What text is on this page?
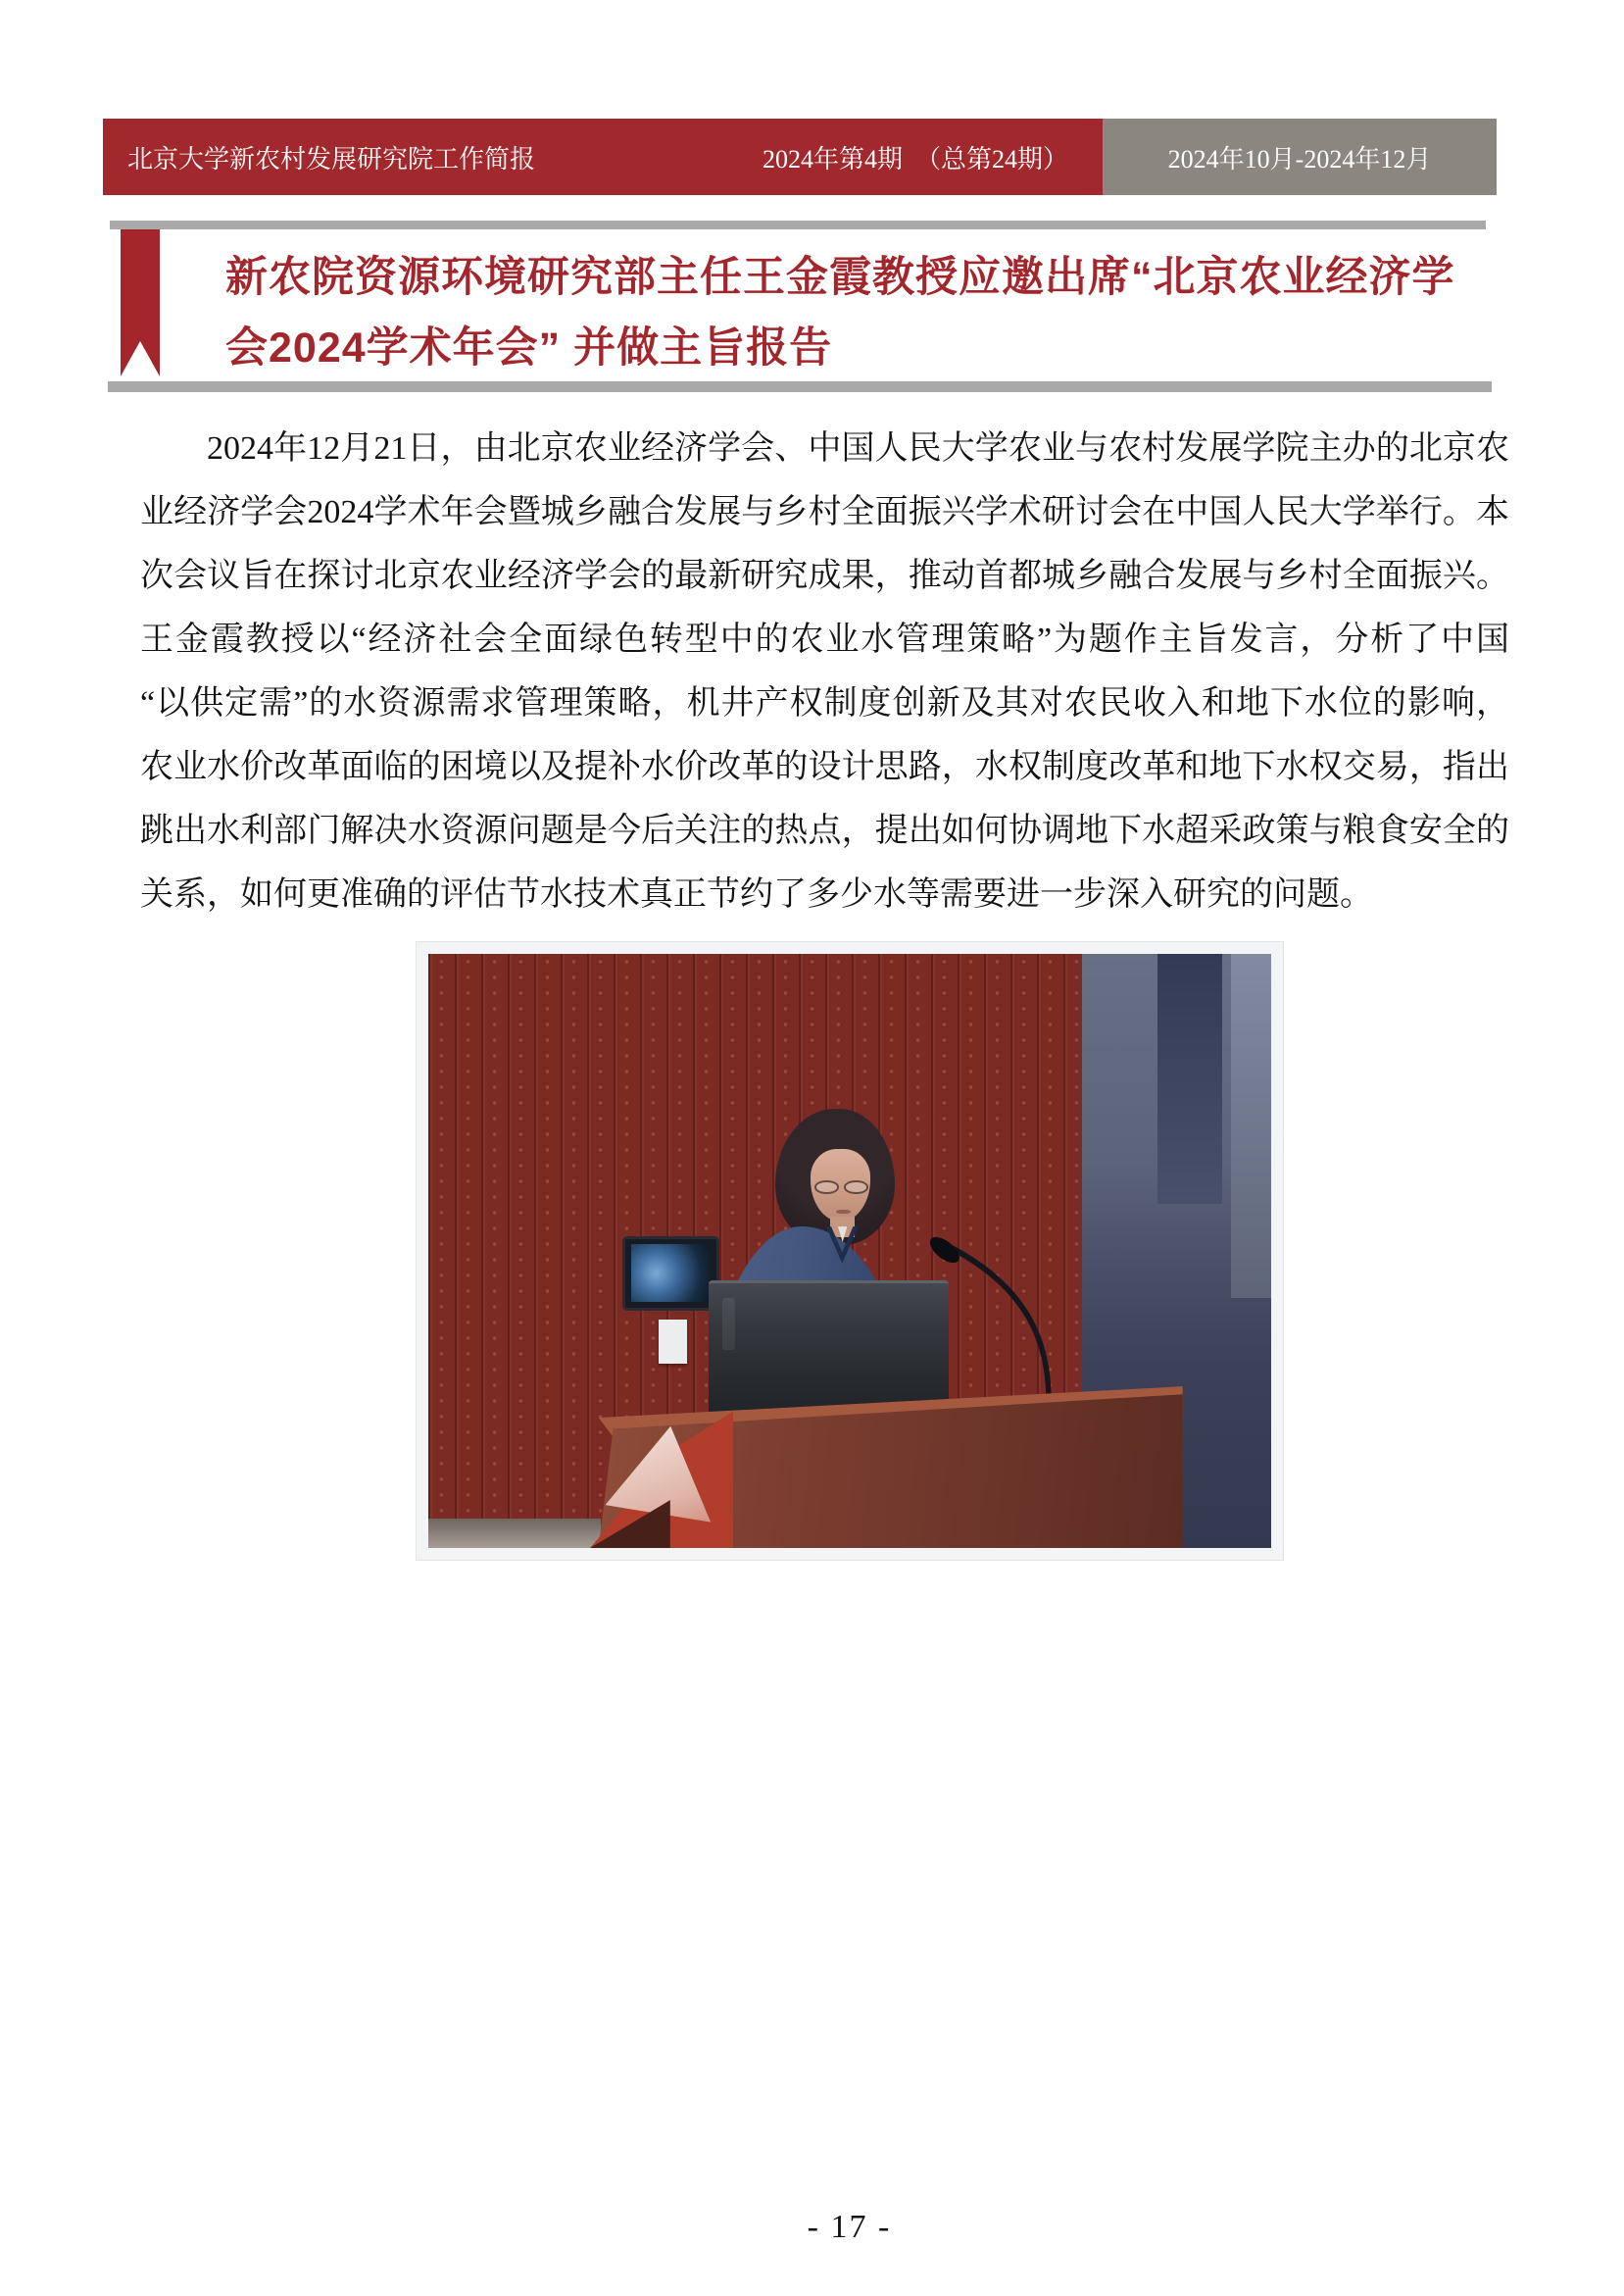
北京大学新农村发展研究院工作简报	2024年第4期　（总第24期）	2024年10月-2024年12月
新农院资源环境研究部主任王金霞教授应邀出席“北京农业经济学
会2024学术年会” 并做主旨报告
2024年12月21日，由北京农业经济学会、中国人民大学农业与农村发展学院主办的北京农
业经济学会2024学术年会暨城乡融合发展与乡村全面振兴学术研讨会在中国人民大学举行。本
次会议旨在探讨北京农业经济学会的最新研究成果，推动首都城乡融合发展与乡村全面振兴。
王金霞教授以“经济社会全面绿色转型中的农业水管理策略”为题作主旨发言，分析了中国
“以供定需”的水资源需求管理策略，机井产权制度创新及其对农民收入和地下水位的影响，
农业水价改革面临的困境以及提补水价改革的设计思路，水权制度改革和地下水权交易，指出
跳出水利部门解决水资源问题是今后关注的热点，提出如何协调地下水超采政策与粮食安全的
关系，如何更准确的评估节水技术真正节约了多少水等需要进一步深入研究的问题。
- 17 -
